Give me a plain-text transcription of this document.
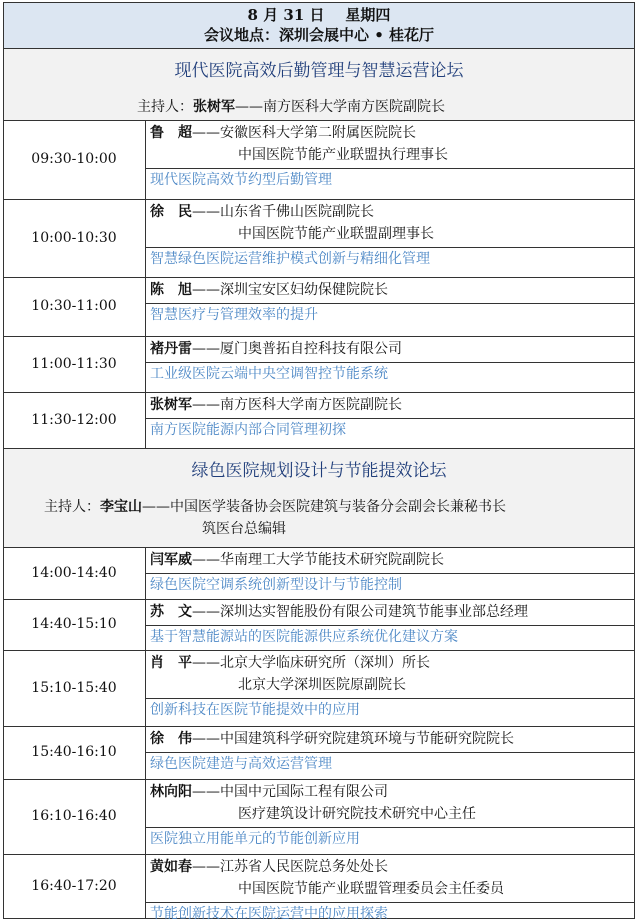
8 月 31 日 星期四
会议地点：深圳会展中心 • 桂花厅
现代医院高效后勤管理与智慧运营论坛
主持人：张树军——南方医科大学南方医院副院长
09:30-10:00
鲁　超——安徽医科大学第二附属医院院长
中国医院节能产业联盟执行理事长
现代医院高效节约型后勤管理
10:00-10:30
徐　民——山东省千佛山医院副院长
中国医院节能产业联盟副理事长
智慧绿色医院运营维护模式创新与精细化管理
10:30-11:00
陈　旭——深圳宝安区妇幼保健院院长
智慧医疗与管理效率的提升
11:00-11:30
褚丹雷——厦门奥普拓自控科技有限公司
工业级医院云端中央空调智控节能系统
11:30-12:00
张树军——南方医科大学南方医院副院长
南方医院能源内部合同管理初探
绿色医院规划设计与节能提效论坛
主持人：李宝山——中国医学装备协会医院建筑与装备分会副会长兼秘书长
筑医台总编辑
14:00-14:40
闫军威——华南理工大学节能技术研究院副院长
绿色医院空调系统创新型设计与节能控制
14:40-15:10
苏　文——深圳达实智能股份有限公司建筑节能事业部总经理
基于智慧能源站的医院能源供应系统优化建议方案
15:10-15:40
肖　平——北京大学临床研究所（深圳）所长
北京大学深圳医院原副院长
创新科技在医院节能提效中的应用
15:40-16:10
徐　伟——中国建筑科学研究院建筑环境与节能研究院院长
绿色医院建造与高效运营管理
16:10-16:40
林向阳——中国中元国际工程有限公司
医疗建筑设计研究院技术研究中心主任
医院独立用能单元的节能创新应用
16:40-17:20
黄如春——江苏省人民医院总务处处长
中国医院节能产业联盟管理委员会主任委员
节能创新技术在医院运营中的应用探索
